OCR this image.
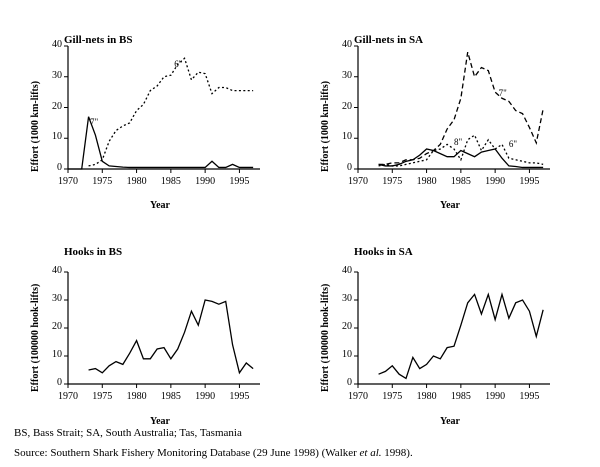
Gill-nets in BS
Effort (1000 km-lifts)
Year
0
10
20
30
40
1970	1975	1980	1985	1990	1995
7"
6"
Gill-nets in SA
Effort (1000 km-lifts)
Year
0
10
20
30
40
1970	1975	1980	1985	1990	1995
7"
8"	6"
Hooks in BS
Effort (100000 hook-lifts)
Year
0
10
20
30
40
1970	1975	1980	1985	1990	1995
Hooks in SA
Effort (100000 hook-lifts)
Year
0
10
20
30
40
1970	1975	1980	1985	1990	1995
BS, Bass Strait; SA, South Australia; Tas, Tasmania
Source: Southern Shark Fishery Monitoring Database (29 June 1998) (Walker et al. 1998).
